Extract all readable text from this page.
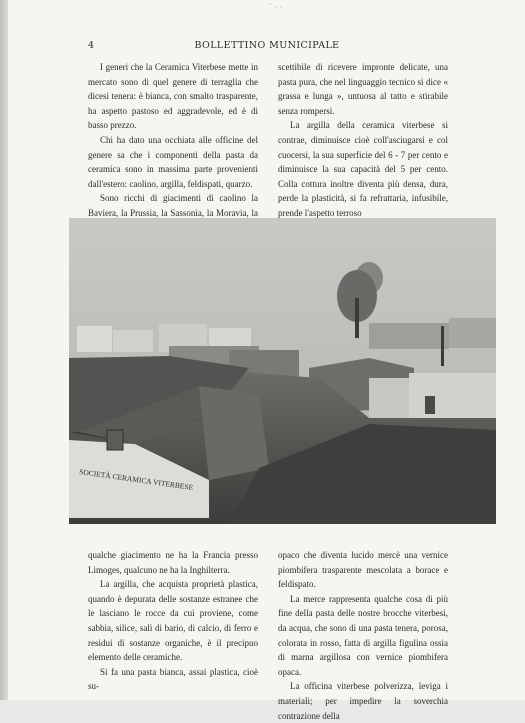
ˊ · ·
4	BOLLETTINO MUNICIPALE

I generi che la Ceramica Viterbese mette in mercato sono di quel genere di terraglia che dicesi tenera: è bianca, con smalto trasparente, ha aspetto pastoso ed aggradevole, ed è di basso prezzo.

Chi ha dato una occhiata alle officine del genere sa che i componenti della pasta da ceramica sono in massima parte provenienti dall'estero: caolino, argilla, feldispati, quarzo.

Sono ricchi di giacimenti di caolino la Baviera, la Prussia, la Sassonia, la Moravia, la

scettibile di ricevere impronte delicate, una pasta pura, che nel linguaggio tecnico si dice « grassa e lunga », untuosa al tatto e stirabile senza rompersi.

La argilla della ceramica viterbese si contrae, diminuisce cioè coll'asciugarsi e col cuocersi, la sua superficie del 6 - 7 per cento e diminuisce la sua capacità del 5 per cento. Colla cottura inoltre diventa più densa, dura, perde la plasticità, si fa refrattaria, infusibile, prende l'aspetto terroso

SOCIETÀ CERAMICA VITERBESE

qualche giacimento ne ha la Francia presso Limoges, qualcuno ne ha la Inghilterra.

La argilla, che acquista proprietà plastica, quando è depurata delle sostanze estranee che le lasciano le rocce da cui proviene, come sabbia, silice, sali di bario, di calcio, di ferro e residui di sostanze organiche, è il precipuo elemento delle ceramiche.

Si fa una pasta bianca, assai plastica, cioè su-

opaco che diventa lucido mercè una vernice piombifera trasparente mescolata a borace e feldispato.

La merce rappresenta qualche cosa di più fine della pasta delle nostre brocche viterbesi, da acqua, che sono di una pasta tenera, porosa, colorata in rosso, fatta di argilla figulina ossia di marna argillosa con vernice piombifera opaca.

La officina viterbese polverizza, leviga i materiali; per impedire la soverchia contrazione della
